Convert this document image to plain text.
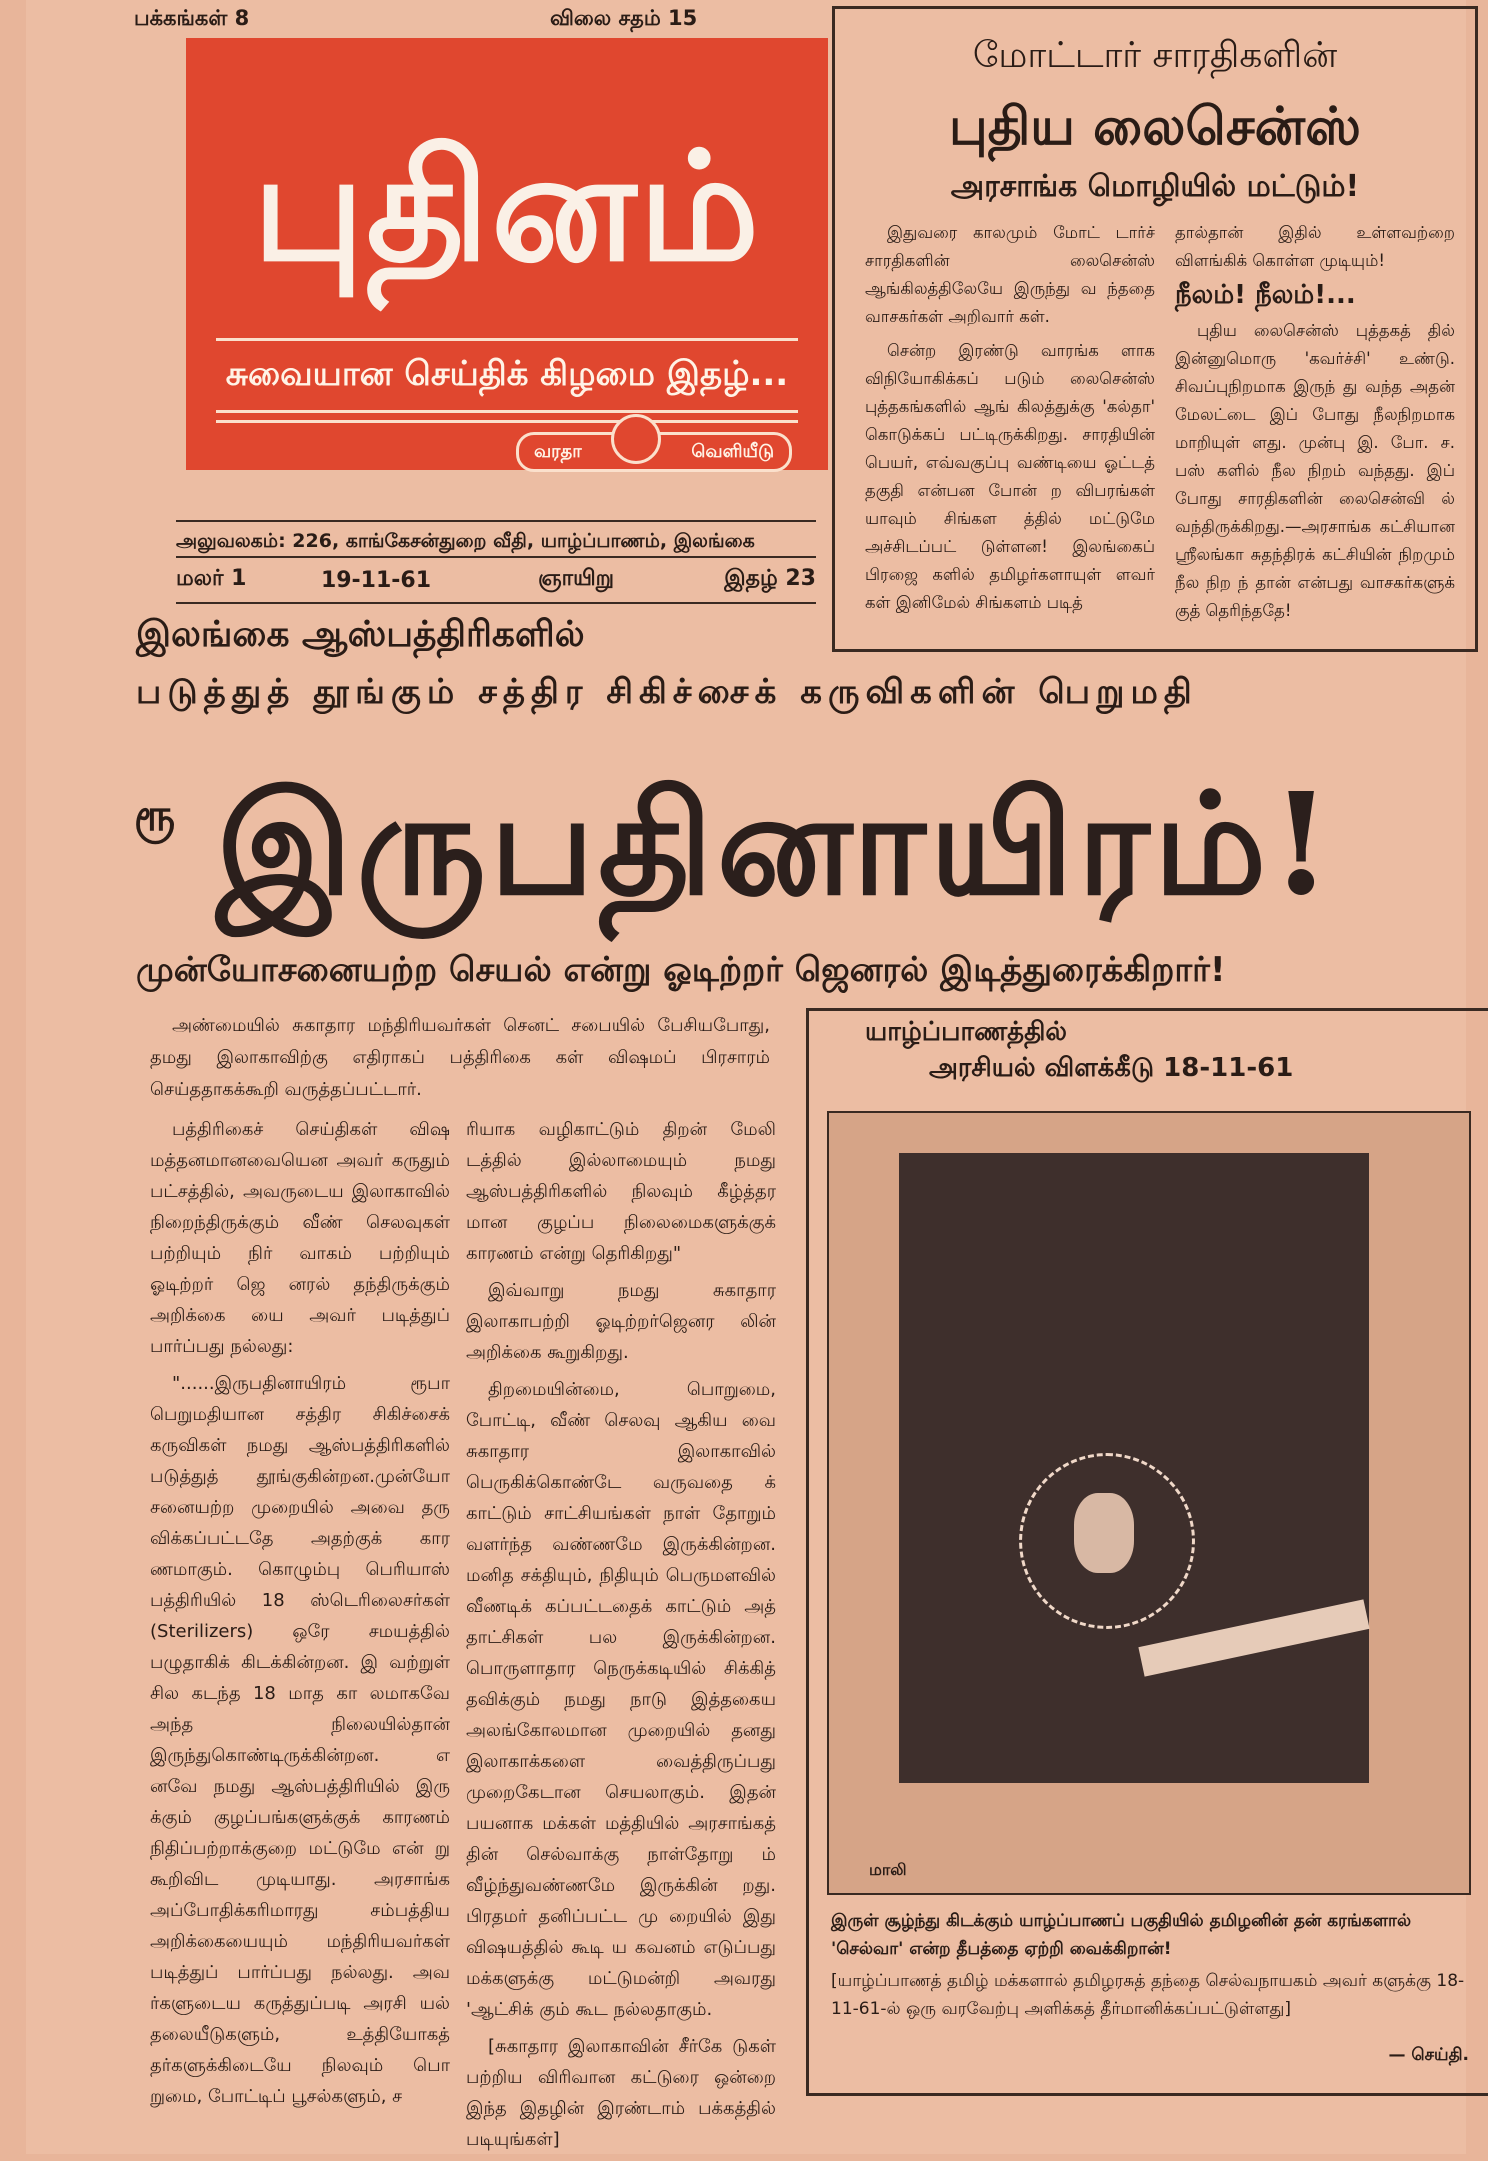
பக்கங்கள் 8	விலை சதம் 15
புதினம்
சுவையான செய்திக் கிழமை இதழ்...
வரதா	வெளியீடு
அலுவலகம்: 226, காங்கேசன்துறை வீதி, யாழ்ப்பாணம், இலங்கை
மலர் 1	19-11-61	ஞாயிறு	இதழ் 23
மோட்டார் சாரதிகளின்
புதிய லைசென்ஸ்
அரசாங்க மொழியில் மட்டும்!

இதுவரை காலமும் மோட் டார்ச் சாரதிகளின் லைசென்ஸ் ஆங்கிலத்திலேயே இருந்து வ ந்ததை வாசகர்கள் அறிவார் கள்.

சென்ற இரண்டு வாரங்க ளாக விநியோகிக்கப் படும் லைசென்ஸ் புத்தகங்களில் ஆங் கிலத்துக்கு 'கல்தா' கொடுக்கப் பட்டிருக்கிறது. சாரதியின் பெயர், எவ்வகுப்பு வண்டியை ஓட்டத் தகுதி என்பன போன் ற விபரங்கள் யாவும் சிங்கள த்தில் மட்டுமே அச்சிடப்பட் டுள்ளன! இலங்கைப் பிரஜை களில் தமிழர்களாயுள் ளவர் கள் இனிமேல் சிங்களம் படித்

தால்தான் இதில் உள்ளவற்றை விளங்கிக் கொள்ள முடியும்!

நீலம்! நீலம்!...

புதிய லைசென்ஸ் புத்தகத் தில் இன்னுமொரு 'கவர்ச்சி' உண்டு. சிவப்புநிறமாக இருந் து வந்த அதன் மேலட்டை இப் போது நீலநிறமாக மாறியுள் ளது. முன்பு இ. போ. ச. பஸ் களில் நீல நிறம் வந்தது. இப் போது சாரதிகளின் லைசென்வி ல் வந்திருக்கிறது.—அரசாங்க கட்சியான ஸ்ரீலங்கா சுதந்திரக் கட்சியின் நிறமும் நீல நிற ந் தான் என்பது வாசகர்களுக் குத் தெரிந்ததே!

இலங்கை ஆஸ்பத்திரிகளில்
படுத்துத் தூங்கும் சத்திர சிகிச்சைக் கருவிகளின் பெறுமதி
ரூ இருபதினாயிரம்!
முன்யோசனையற்ற செயல் என்று ஓடிற்றர் ஜெனரல் இடித்துரைக்கிறார்!

அண்மையில் சுகாதார மந்திரியவர்கள் செனட் சபையில் பேசியபோது, தமது இலாகாவிற்கு எதிராகப் பத்திரிகை கள் விஷமப் பிரசாரம் செய்ததாகக்கூறி வருத்தப்பட்டார்.

பத்திரிகைச் செய்திகள் விஷ மத்தனமானவையென அவர் கருதும் பட்சத்தில், அவருடைய இலாகாவில் நிறைந்திருக்கும் வீண் செலவுகள் பற்றியும் நிர் வாகம் பற்றியும் ஓடிற்றர் ஜெ னரல் தந்திருக்கும் அறிக்கை யை அவர் படித்துப் பார்ப்பது நல்லது:

"......இருபதினாயிரம் ரூபா பெறுமதியான சத்திர சிகிச்சைக் கருவிகள் நமது ஆஸ்பத்திரிகளில் படுத்துத் தூங்குகின்றன.முன்யோ சனையற்ற முறையில் அவை தரு விக்கப்பட்டதே அதற்குக் கார ணமாகும். கொழும்பு பெரியாஸ் பத்திரியில் 18 ஸ்டெரிலைசர்கள் (Sterilizers) ஒரே சமயத்தில் பழுதாகிக் கிடக்கின்றன. இ வற்றுள் சில கடந்த 18 மாத கா லமாகவே அந்த நிலையில்தான் இருந்துகொண்டிருக்கின்றன. எ னவே நமது ஆஸ்பத்திரியில் இரு க்கும் குழப்பங்களுக்குக் காரணம் நிதிப்பற்றாக்குறை மட்டுமே என் று கூறிவிட முடியாது. அரசாங்க அப்போதிக்கரிமாரது சம்பத்திய அறிக்கையையும் மந்திரியவர்கள் படித்துப் பார்ப்பது நல்லது. அவ ர்களுடைய கருத்துப்படி அரசி யல் தலையீடுகளும், உத்தியோகத் தர்களுக்கிடையே நிலவும் பொ றுமை, போட்டிப் பூசல்களும், ச

ரியாக வழிகாட்டும் திறன் மேலி டத்தில் இல்லாமையும் நமது ஆஸ்பத்திரிகளில் நிலவும் கீழ்த்தர மான குழப்ப நிலைமைகளுக்குக் காரணம் என்று தெரிகிறது"

இவ்வாறு நமது சுகாதார இலாகாபற்றி ஓடிற்றர்ஜெனர லின் அறிக்கை கூறுகிறது.

திறமையின்மை, பொறுமை, போட்டி, வீண் செலவு ஆகிய வை சுகாதார இலாகாவில் பெருகிக்கொண்டே வருவதை க் காட்டும் சாட்சியங்கள் நாள் தோறும் வளர்ந்த வண்ணமே இருக்கின்றன. மனித சக்தியும், நிதியும் பெருமளவில் வீணடிக் கப்பட்டதைக் காட்டும் அத் தாட்சிகள் பல இருக்கின்றன. பொருளாதார நெருக்கடியில் சிக்கித் தவிக்கும் நமது நாடு இத்தகைய அலங்கோலமான முறையில் தனது இலாகாக்களை வைத்திருப்பது முறைகேடான செயலாகும். இதன் பயனாக மக்கள் மத்தியில் அரசாங்கத் தின் செல்வாக்கு நாள்தோறு ம் வீழ்ந்துவண்ணமே இருக்கின் றது. பிரதமர் தனிப்பட்ட மு றையில் இது விஷயத்தில் கூடி ய கவனம் எடுப்பது மக்களுக்கு மட்டுமன்றி அவரது 'ஆட்சிக் கும் கூட நல்லதாகும்.

[சுகாதார இலாகாவின் சீர்கே டுகள் பற்றிய விரிவான கட்டுரை ஒன்றை இந்த இதழின் இரண்டாம் பக்கத்தில் படியுங்கள்]

யாழ்ப்பாணத்தில்
அரசியல் விளக்கீடு 18-11-61
மாலி
இருள் சூழ்ந்து கிடக்கும் யாழ்ப்பாணப் பகுதியில் தமிழனின் தன் கரங்களால் 'செல்வா' என்ற தீபத்தை ஏற்றி வைக்கிறான்!
[யாழ்ப்பாணத் தமிழ் மக்களால் தமிழரசுத் தந்தை செல்வநாயகம் அவர் களுக்கு 18-11-61-ல் ஒரு வரவேற்பு அளிக்கத் தீர்மானிக்கப்பட்டுள்ளது]
— செய்தி.
